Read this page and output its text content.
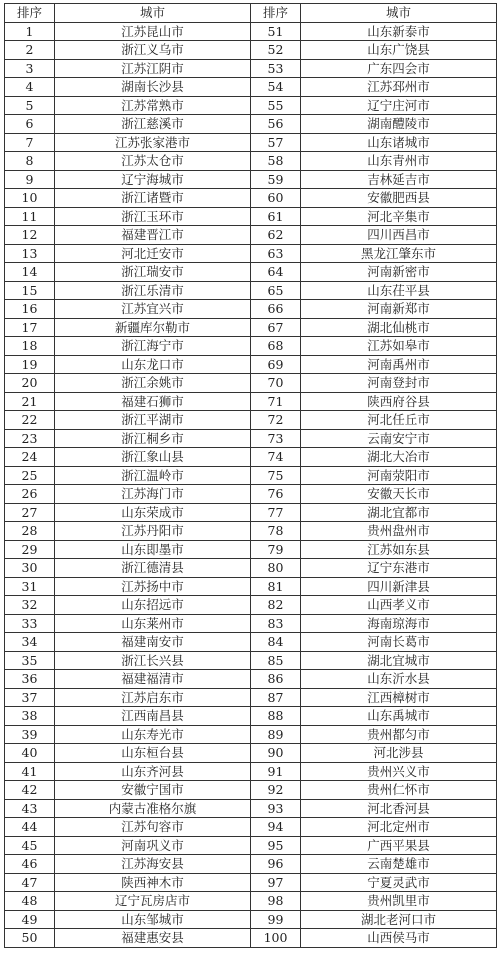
排序	城市	排序	城市
1	江苏昆山市	51	山东新泰市
2	浙江义乌市	52	山东广饶县
3	江苏江阴市	53	广东四会市
4	湖南长沙县	54	江苏邳州市
5	江苏常熟市	55	辽宁庄河市
6	浙江慈溪市	56	湖南醴陵市
7	江苏张家港市	57	山东诸城市
8	江苏太仓市	58	山东青州市
9	辽宁海城市	59	吉林延吉市
10	浙江诸暨市	60	安徽肥西县
11	浙江玉环市	61	河北辛集市
12	福建晋江市	62	四川西昌市
13	河北迁安市	63	黑龙江肇东市
14	浙江瑞安市	64	河南新密市
15	浙江乐清市	65	山东茌平县
16	江苏宜兴市	66	河南新郑市
17	新疆库尔勒市	67	湖北仙桃市
18	浙江海宁市	68	江苏如皋市
19	山东龙口市	69	河南禹州市
20	浙江余姚市	70	河南登封市
21	福建石狮市	71	陕西府谷县
22	浙江平湖市	72	河北任丘市
23	浙江桐乡市	73	云南安宁市
24	浙江象山县	74	湖北大冶市
25	浙江温岭市	75	河南荥阳市
26	江苏海门市	76	安徽天长市
27	山东荣成市	77	湖北宜都市
28	江苏丹阳市	78	贵州盘州市
29	山东即墨市	79	江苏如东县
30	浙江德清县	80	辽宁东港市
31	江苏扬中市	81	四川新津县
32	山东招远市	82	山西孝义市
33	山东莱州市	83	海南琼海市
34	福建南安市	84	河南长葛市
35	浙江长兴县	85	湖北宜城市
36	福建福清市	86	山东沂水县
37	江苏启东市	87	江西樟树市
38	江西南昌县	88	山东禹城市
39	山东寿光市	89	贵州都匀市
40	山东桓台县	90	河北涉县
41	山东齐河县	91	贵州兴义市
42	安徽宁国市	92	贵州仁怀市
43	内蒙古准格尔旗	93	河北香河县
44	江苏句容市	94	河北定州市
45	河南巩义市	95	广西平果县
46	江苏海安县	96	云南楚雄市
47	陕西神木市	97	宁夏灵武市
48	辽宁瓦房店市	98	贵州凯里市
49	山东邹城市	99	湖北老河口市
50	福建惠安县	100	山西侯马市
